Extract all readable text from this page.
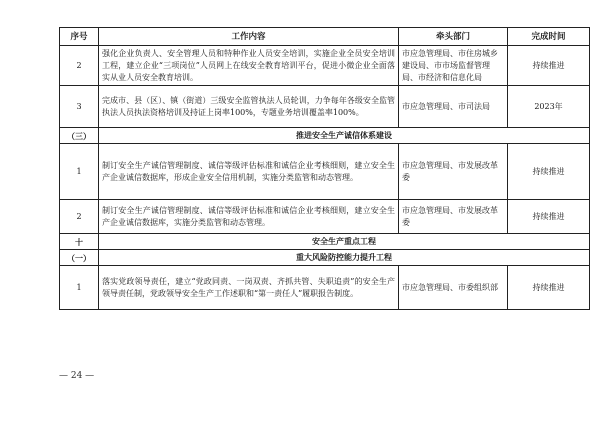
序号	工作内容	牵头部门	完成时间
2	强化企业负责人、安全管理人员和特种作业人员安全培训，实施企业全员安全培训工程，建立企业“三项岗位”人员网上在线安全教育培训平台，促进小微企业全面落实从业人员安全教育培训。	市应急管理局、市住房城乡建设局、市市场监督管理局、市经济和信息化局	持续推进
3	完成市、县（区）、镇（街道）三级安全监管执法人员轮训，力争每年各级安全监管执法人员执法资格培训及持证上岗率100%，专题业务培训覆盖率100%。	市应急管理局、市司法局	2023年
（三）	推进安全生产诚信体系建设		
1	制订安全生产诚信管理制度、诚信等级评估标准和诚信企业考核细则，建立安全生产企业诚信数据库，形成企业安全信用机制，实施分类监管和动态管理。	市应急管理局、市发展改革委	持续推进
2	制订安全生产诚信管理制度、诚信等级评估标准和诚信企业考核细则，建立安全生产企业诚信数据库，实施分类监管和动态管理。	市应急管理局、市发展改革委	持续推进
十	安全生产重点工程		
（一）	重大风险防控能力提升工程		
1	落实党政领导责任，建立“党政同责、一岗双责、齐抓共管、失职追责”的安全生产领导责任制，党政领导安全生产工作述职和“第一责任人”履职报告制度。	市应急管理局、市委组织部	持续推进
— 24 —
